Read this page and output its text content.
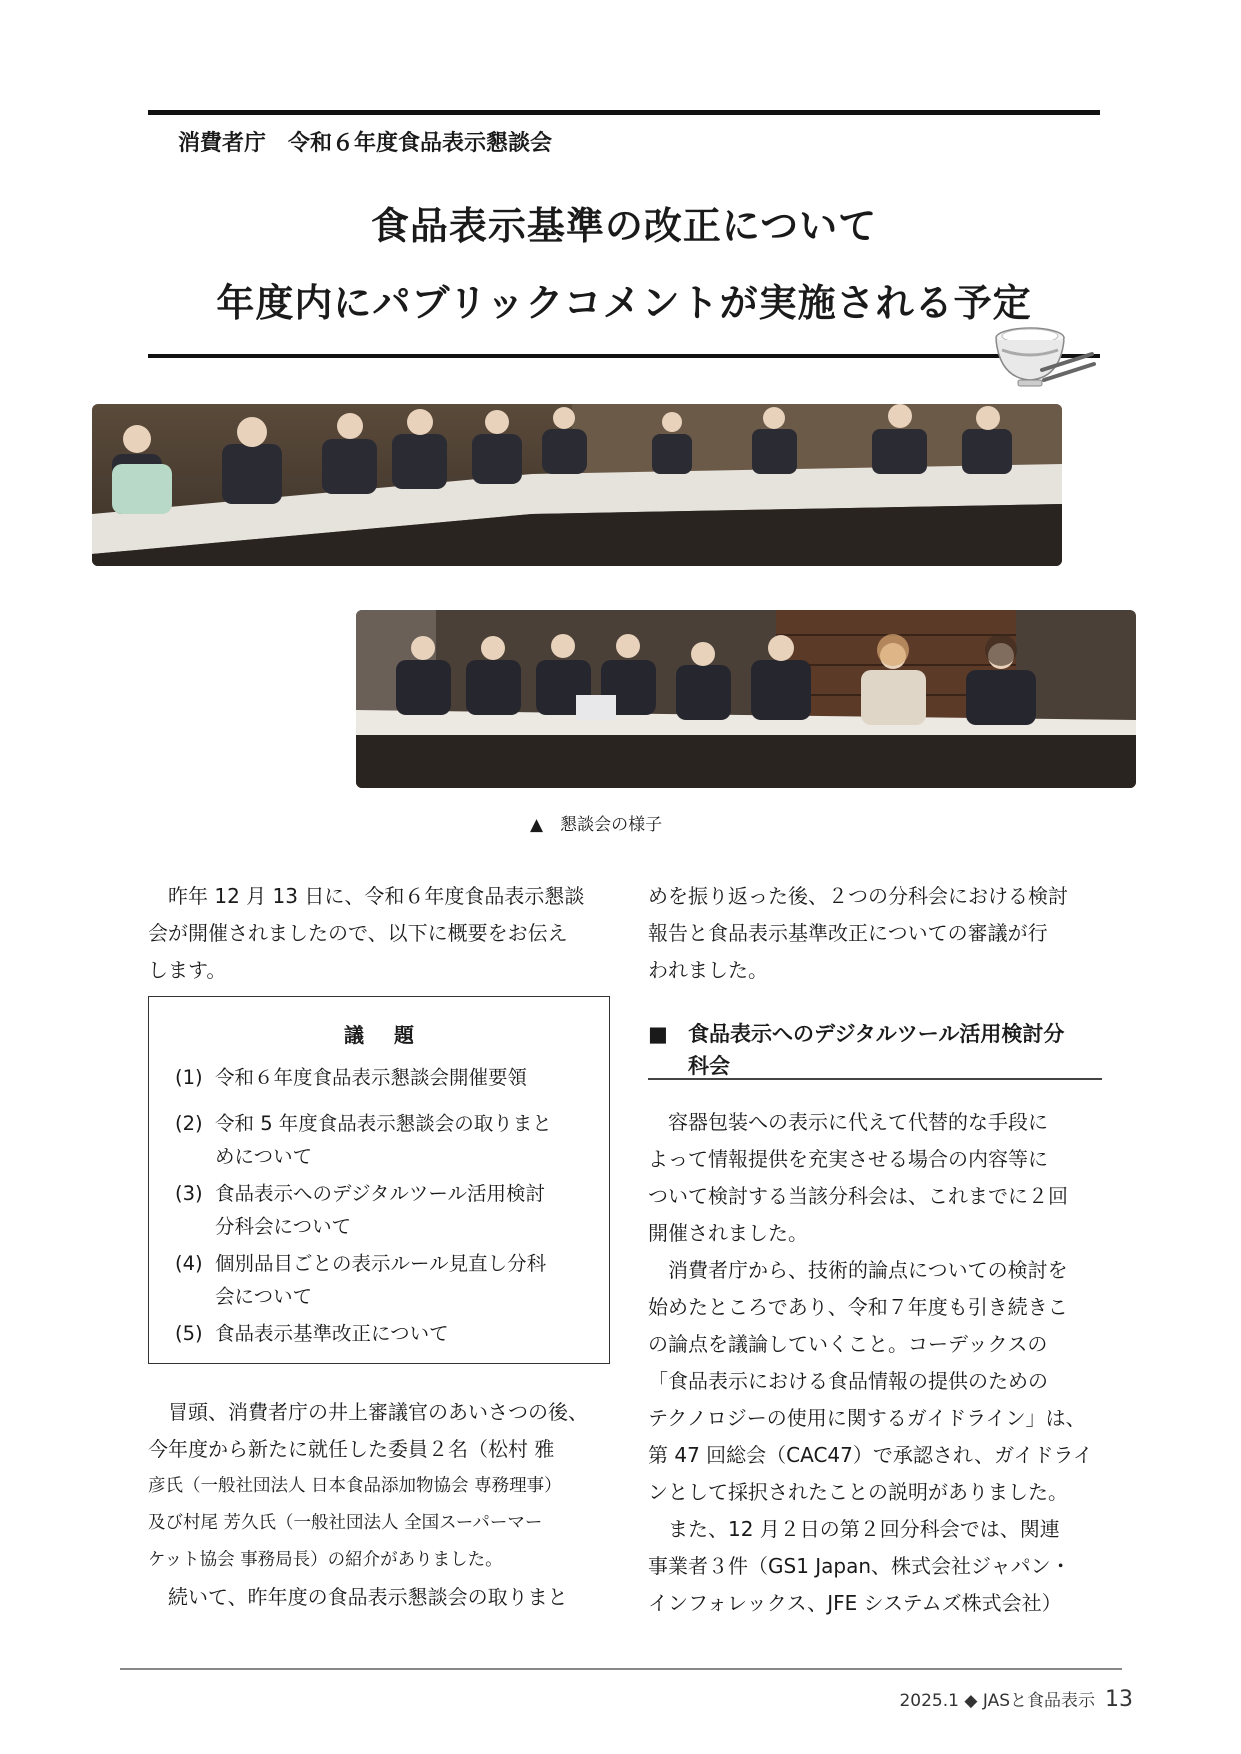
消費者庁　令和６年度食品表示懇談会
食品表示基準の改正について
年度内にパブリックコメントが実施される予定
▲　懇談会の様子
昨年 12 月 13 日に、令和６年度食品表示懇談
会が開催されましたので、以下に概要をお伝え
します。
議題
(1) 令和６年度食品表示懇談会開催要領
(2) 令和 5 年度食品表示懇談会の取りまと
めについて
(3) 食品表示へのデジタルツール活用検討
分科会について
(4) 個別品目ごとの表示ルール見直し分科
会について
(5) 食品表示基準改正について
冒頭、消費者庁の井上審議官のあいさつの後、
今年度から新たに就任した委員２名（松村 雅
彦氏（一般社団法人 日本食品添加物協会 専務理事）
及び村尾 芳久氏（一般社団法人 全国スーパーマー
ケット協会 事務局長）の紹介がありました。
続いて、昨年度の食品表示懇談会の取りまと
めを振り返った後、２つの分科会における検討
報告と食品表示基準改正についての審議が行
われました。
■ 食品表示へのデジタルツール活用検討分
科会
容器包装への表示に代えて代替的な手段に
よって情報提供を充実させる場合の内容等に
ついて検討する当該分科会は、これまでに２回
開催されました。
消費者庁から、技術的論点についての検討を
始めたところであり、令和７年度も引き続きこ
の論点を議論していくこと。コーデックスの
「食品表示における食品情報の提供のための
テクノロジーの使用に関するガイドライン」は、
第 47 回総会（CAC47）で承認され、ガイドライ
ンとして採択されたことの説明がありました。
また、12 月２日の第２回分科会では、関連
事業者３件（GS1 Japan、株式会社ジャパン・
インフォレックス、JFE システムズ株式会社）
2025.1 ◆ JASと食品表示 13
